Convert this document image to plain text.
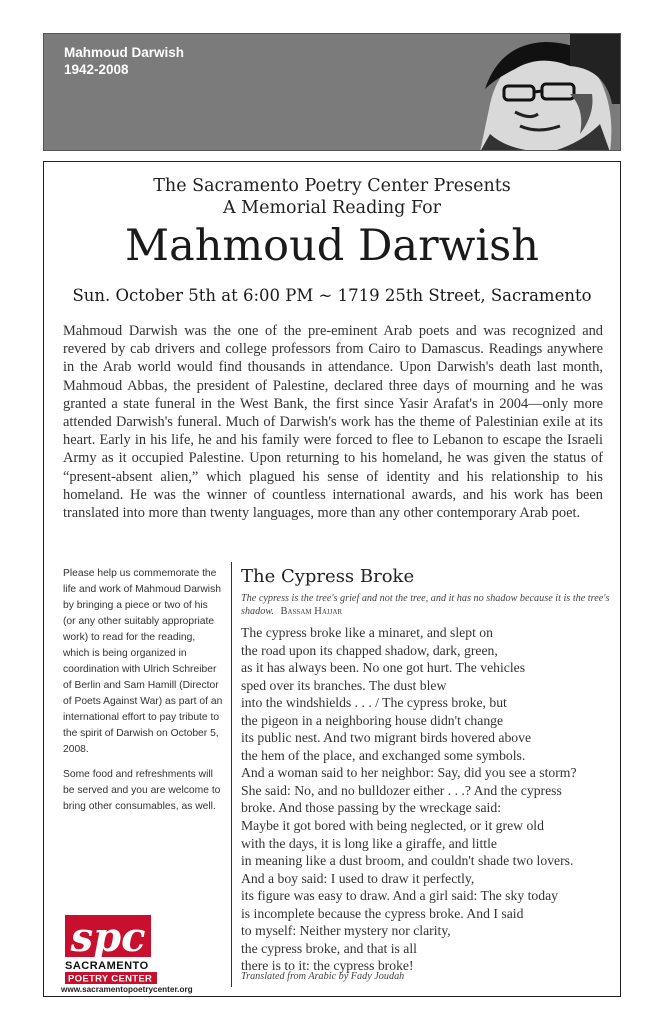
Mahmoud Darwish
1942-2008
The Sacramento Poetry Center Presents
A Memorial Reading For
Mahmoud Darwish
Sun. October 5th at 6:00 PM ~ 1719 25th Street, Sacramento

Mahmoud Darwish was the one of the pre-eminent Arab poets and was recognized and revered by cab drivers and college professors from Cairo to Damascus. Readings anywhere in the Arab world would find thousands in attendance. Upon Darwish's death last month, Mahmoud Abbas, the president of Palestine, declared three days of mourning and he was granted a state funeral in the West Bank, the first since Yasir Arafat's in 2004—only more attended Darwish's funeral. Much of Darwish's work has the theme of Palestinian exile at its heart. Early in his life, he and his family were forced to flee to Lebanon to escape the Israeli Army as it occupied Palestine. Upon returning to his homeland, he was given the status of “present-absent alien,” which plagued his sense of identity and his relationship to his homeland. He was the winner of countless international awards, and his work has been translated into more than twenty languages, more than any other contemporary Arab poet.

Please help us commemorate the life and work of Mahmoud Darwish by bringing a piece or two of his (or any other suitably appropriate work) to read for the reading, which is being organized in coordination with Ulrich Schreiber of Berlin and Sam Hamill (Director of Poets Against War) as part of an international effort to pay tribute to the spirit of Darwish on October 5, 2008.

Some food and refreshments will be served and you are welcome to bring other consumables, as well.

The Cypress Broke
The cypress is the tree's grief and not the tree, and it has no shadow because it is the tree's shadow. Bassam Hajjar
The cypress broke like a minaret, and slept on
the road upon its chapped shadow, dark, green,
as it has always been. No one got hurt. The vehicles
sped over its branches. The dust blew
into the windshields . . . / The cypress broke, but
the pigeon in a neighboring house didn't change
its public nest. And two migrant birds hovered above
the hem of the place, and exchanged some symbols.
And a woman said to her neighbor: Say, did you see a storm?
She said: No, and no bulldozer either . . .? And the cypress
broke. And those passing by the wreckage said:
Maybe it got bored with being neglected, or it grew old
with the days, it is long like a giraffe, and little
in meaning like a dust broom, and couldn't shade two lovers.
And a boy said: I used to draw it perfectly,
its figure was easy to draw. And a girl said: The sky today
is incomplete because the cypress broke. And I said
to myself: Neither mystery nor clarity,
the cypress broke, and that is all
there is to it: the cypress broke!
Translated from Arabic by Fady Joudah
spc
SACRAMENTO
POETRY CENTER
www.sacramentopoetrycenter.org
